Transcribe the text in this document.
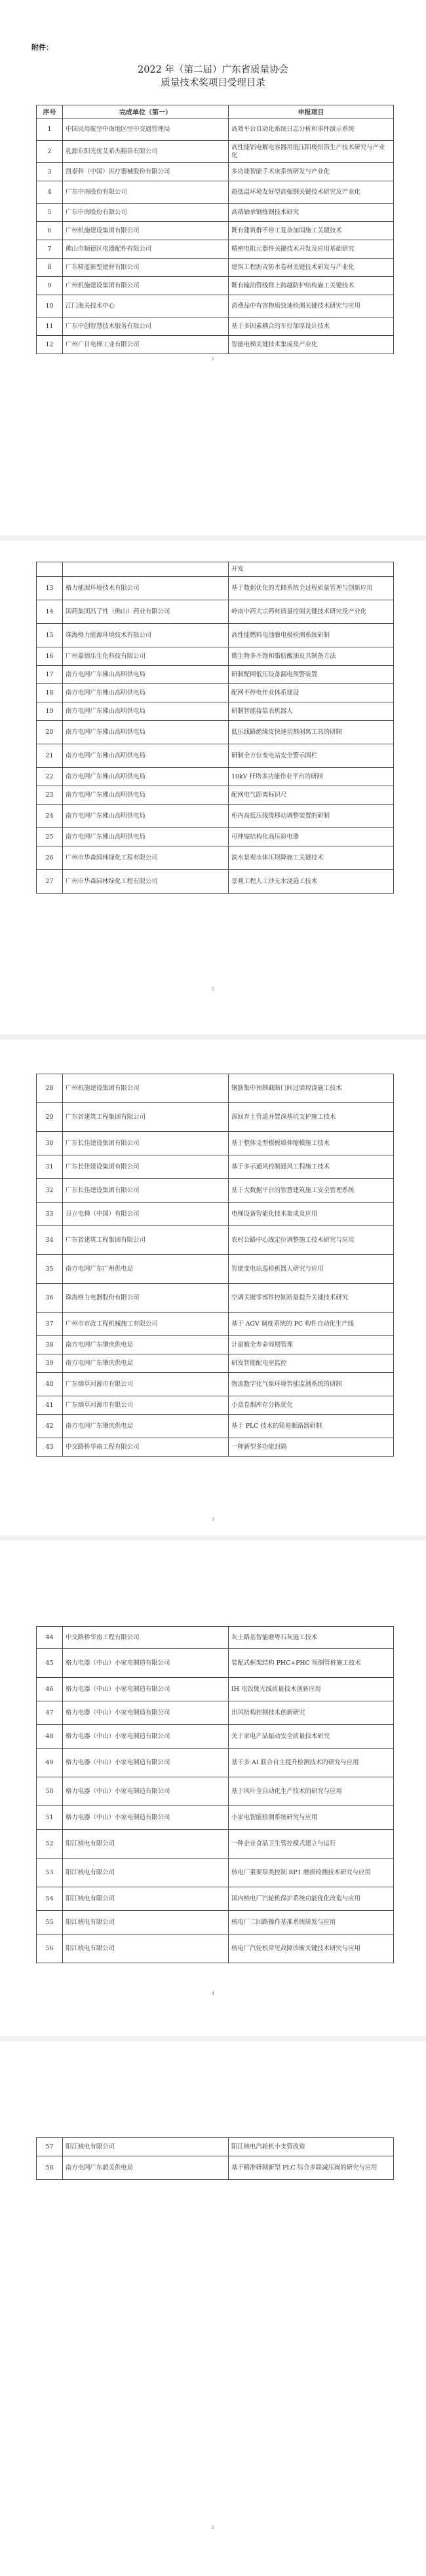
附件：
2022 年（第二届）广东省质量协会
质量技术奖项目受理目录
序号	完成单位（第一）	申报项目
1	中国民用航空中南地区空中交通管理局	高效平台自动化系统日志分析和事件演示系统
2	乳源东阳光优艾希杰精箔有限公司	高性能铝电解电容器用低压阳极铝箔生产技术研究与产业化
3	凯泰科（中国）医疗器械股份有限公司	多功能智能手术床系统研发与产业化
4	广东中南股份有限公司	超低温环境友好型高强钢关键技术研究及产业化
5	广东中南股份有限公司	高端轴承钢炼钢技术研究
6	广州机施建设集团有限公司	既有建筑群不停工复杂加固施工关键技术
7	佛山市顺德区电器配件有限公司	精密电阻元器件关键技术开发及应用基础研究
8	广东精蓝新型建材有限公司	建筑工程沥青防水卷材关键技术研发与产业化
9	广州机施建设集团有限公司	既有输油管线群上跨越防护结构施工关键技术
10	江门海关技术中心	消费品中有害物质快速检测关键技术研究与应用
11	广东中创智慧技术服务有限公司	基于多因素耦合的车灯加厚设计技术
12	广州广日电梯工业有限公司	智能电梯关键技术集成及产业化
1
		开发
13	格力能源环境技术有限公司	基于数据优化的光储系统全过程质量管理与创新应用
14	国药集团冯了性（佛山）药业有限公司	岭南中药大宗药材质量控制关键技术研究及产业化
15	珠海格力能源环境技术有限公司	高性能燃料电池膜电极检测系统研制
16	广州嘉德乐生化科技有限公司	微生物多不饱和脂肪酸油及其制备方法
17	南方电网广东佛山高明供电局	研制配网低压设备漏电预警装置
18	南方电网广东佛山高明供电局	配网不停电作业体系建设
19	南方电网广东佛山高明供电局	研制智能接装表机器人
20	南方电网广东佛山高明供电局	低压线路绝缘皮快速切割剥离工具的研制
21	南方电网广东佛山高明供电局	研制全方位变电站安全警示围栏
22	南方电网广东佛山高明供电局	10kV 杆塔多功能作业平台的研制
23	南方电网广东佛山高明供电局	配网电气距离标识尺
24	南方电网广东佛山高明供电局	柜内高低压线缆移动调整装置的研制
25	南方电网广东佛山高明供电局	可伸缩结构化高压验电器
26	广州市华森园林绿化工程有限公司	滨水景观水体压坝降施工关键技术
27	广州市华森园林绿化工程有限公司	景观工程人工沙无水浇施工技术
2
28	广州机施建设集团有限公司	钢筋集中预制截断门间过梁现浇施工技术
29	广东省建筑工程集团有限公司	深回弃土管道并置深基坑支护施工技术
30	广东长佳建设集团有限公司	基于整体支型模板墙伸缩模施工技术
31	广东长佳建设集团有限公司	基于多示通风控制通风工程施工技术
32	广东长佳建设集团有限公司	基于大数据平台的智慧建筑施工安全管理系统
33	日立电梯（中国）有限公司	电梯设备智能化技术集成及应用
34	广东省建筑工程集团有限公司	农村公路中心线定位调整施工技术研究与应用
35	南方电网广东广州供电局	智能变电站巡检机器人研究与应用
36	珠海格力电器股份有限公司	空调关键零部件控制质量提升关键技术研究
37	广州市市政工程机械施工有限公司	基于 AGV 调度系统的 PC 构件自动化生产线
38	南方电网广东肇庆供电局	计量箱全寿命周期管理
39	南方电网广东肇庆供电局	研发智能配电室监控
40	广东烟草河源市有限公司	物流数字化气象环境智能监测系统的研制
41	广东烟草河源市有限公司	小盒卷烟库存分拣优化
42	南方电网广东肇庆供电局	基于 PLC 技术的简易断路器研制
43	中交路桥华南工程有限公司	一种新型多功能封隔
3
44	中交路桥华南工程有限公司	灰土路基智能磨粤石灰施工技术
45	格力电器（中山）小家电制造有限公司	装配式框架结构 PHC+PHC 预制管桩施工技术
46	格力电器（中山）小家电制造有限公司	IH 电饭煲无线质量技术创新应用
47	格力电器（中山）小家电制造有限公司	出风结构控制技术创新研究
48	格力电器（中山）小家电制造有限公司	关于家电产品振动安全质量技术研究
49	格力电器（中山）小家电制造有限公司	基于多 AI 联合自主提升检测技术的研究与应用
50	格力电器（中山）小家电制造有限公司	基于风叶全自动化生产技术的研究与应用
51	格力电器（中山）小家电制造有限公司	小家电智能检测系统研究与应用
52	阳江核电有限公司	一种企业食品卫生管控模式建立与运行
53	阳江核电有限公司	核电厂重要泵类控制 RP1 磨损检测技术研究与应用
54	阳江核电有限公司	国内核电厂汽轮机保护系统功能优化改造与应用
55	阳江核电有限公司	核电厂二回路操作基准系统研发与应用
56	阳江核电有限公司	核电厂汽轮机常见故障诊断关键技术研究与应用
4
57	阳江核电有限公司	阳江核电汽轮机小支管改造
58	南方电网广东韶关供电局	基于精准研制新型 PLC 综合多联减压阀的研究与应用
5
